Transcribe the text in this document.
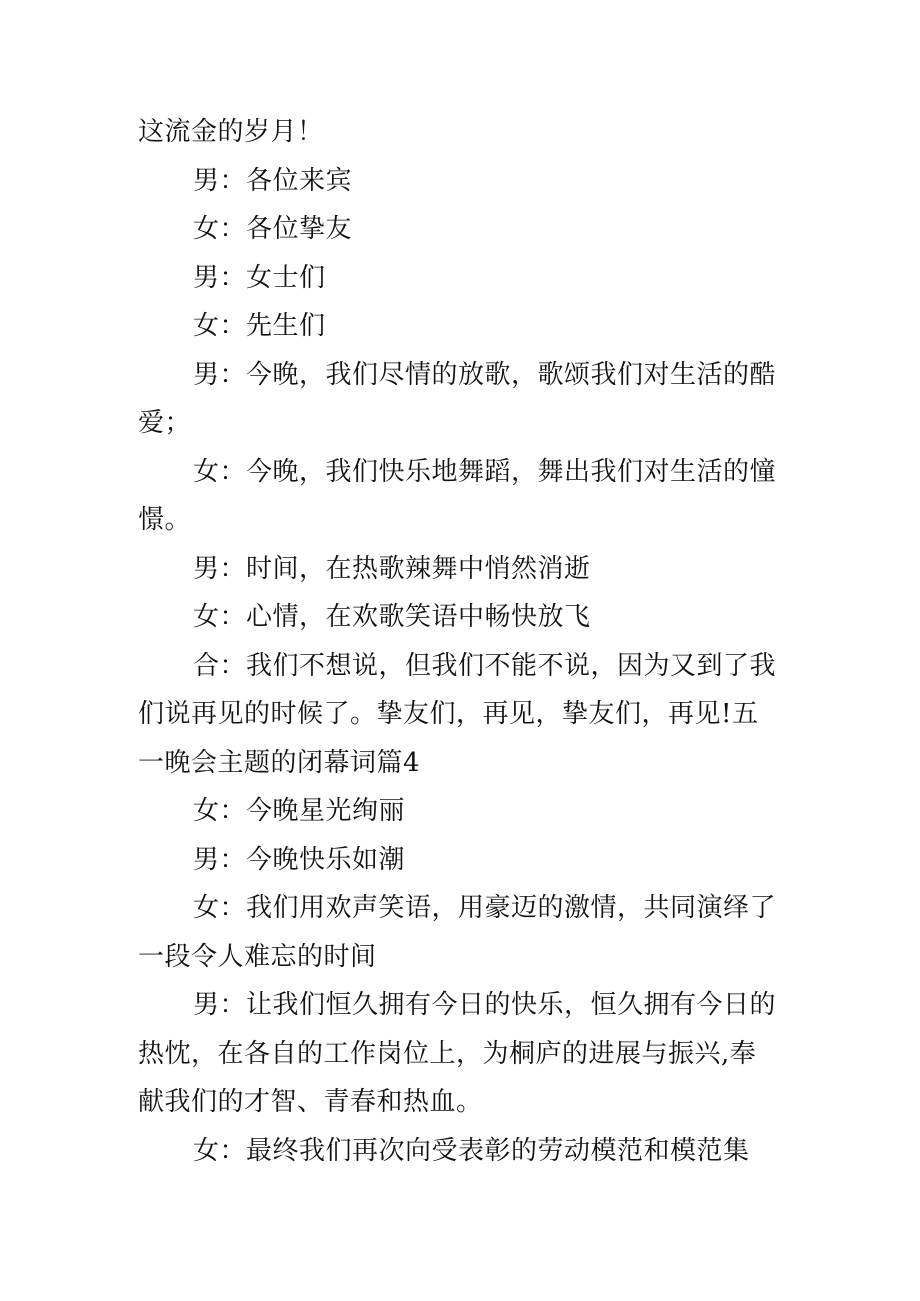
这流金的岁月！

男：各位来宾

女：各位挚友

男：女士们

女：先生们

男：今晚，我们尽情的放歌，歌颂我们对生活的酷爱；

女：今晚，我们快乐地舞蹈，舞出我们对生活的憧憬。

男：时间，在热歌辣舞中悄然消逝

女：心情，在欢歌笑语中畅快放飞

合：我们不想说，但我们不能不说，因为又到了我们说再见的时候了。挚友们，再见，挚友们，再见!五一晚会主题的闭幕词篇4

女：今晚星光绚丽

男：今晚快乐如潮

女：我们用欢声笑语，用豪迈的激情，共同演绎了一段令人难忘的时间

男：让我们恒久拥有今日的快乐，恒久拥有今日的热忱，在各自的工作岗位上，为桐庐的进展与振兴,奉献我们的才智、青春和热血。

女：最终我们再次向受表彰的劳动模范和模范集
